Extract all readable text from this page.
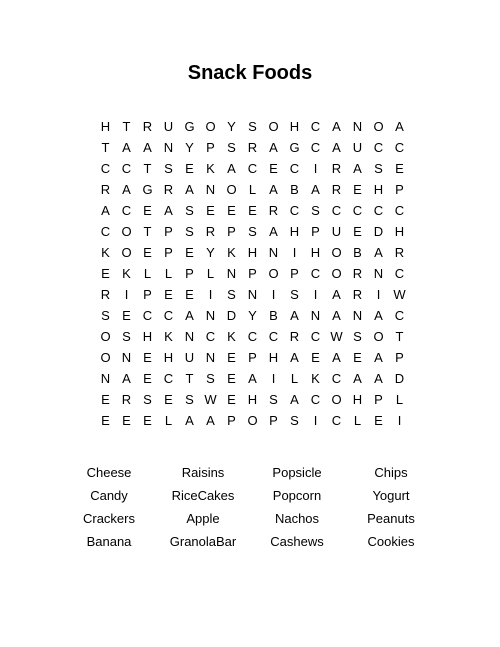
Snack Foods
H T R U G O Y S O H C A N O A
T A A N Y P S R A G C A U C C
C C T S E K A C E C	I	R A S E
R A G R A N O L	A B A R E H P
A C E A S E E E R C S C C C C
C O T P S R P S A H P U E D H
K O E P E Y K H N	I	H O B A R
E K	L	L	P	L N P O P C O R N C
R	I	P E E	I	S N	I	S	I	A R	I	W
S E C C A N D Y B A N A N A C
O S H K N C K C C R C W S O T
O N E H U N E P H A E A E A P
N A E C T S E A	I	L	K C A A D
E R S E S W E H S A C O H P	L
E E E	L	A A P O P S	I	C L	E	I
Cheese	Raisins	Popsicle	Chips
Candy	RiceCakes	Popcorn	Yogurt
Crackers	Apple	Nachos	Peanuts
Banana	GranolaBar	Cashews	Cookies
